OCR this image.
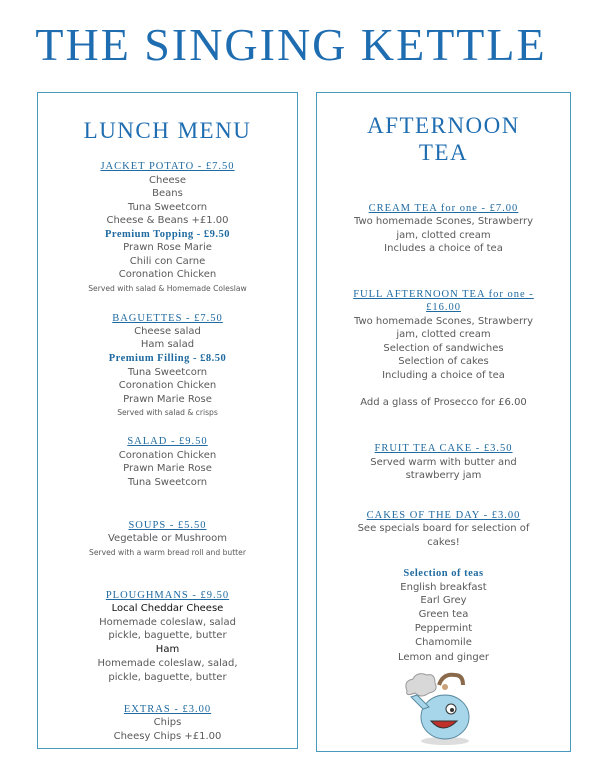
THE SINGING KETTLE
LUNCH MENU
JACKET POTATO - £7.50
Cheese
Beans
Tuna Sweetcorn
Cheese & Beans +£1.00
Premium Topping - £9.50
Prawn Rose Marie
Chili con Carne
Coronation Chicken
Served with salad & Homemade Coleslaw
BAGUETTES - £7.50
Cheese salad
Ham salad
Premium Filling - £8.50
Tuna Sweetcorn
Coronation Chicken
Prawn Marie Rose
Served with salad & crisps
SALAD - £9.50
Coronation Chicken
Prawn Marie Rose
Tuna Sweetcorn
SOUPS - £5.50
Vegetable or Mushroom
Served with a warm bread roll and butter
PLOUGHMANS - £9.50
Local Cheddar Cheese
Homemade coleslaw, salad
pickle, baguette, butter
Ham
Homemade coleslaw, salad,
pickle, baguette, butter
EXTRAS - £3.00
Chips
Cheesy Chips +£1.00
AFTERNOON
TEA
CREAM TEA for one - £7.00
Two homemade Scones, Strawberry
jam, clotted cream
Includes a choice of tea
FULL AFTERNOON TEA for one -
£16.00
Two homemade Scones, Strawberry
jam, clotted cream
Selection of sandwiches
Selection of cakes
Including a choice of tea
Add a glass of Prosecco for £6.00
FRUIT TEA CAKE - £3.50
Served warm with butter and
strawberry jam
CAKES OF THE DAY - £3.00
See specials board for selection of
cakes!
Selection of teas
English breakfast
Earl Grey
Green tea
Peppermint
Chamomile
Lemon and ginger
